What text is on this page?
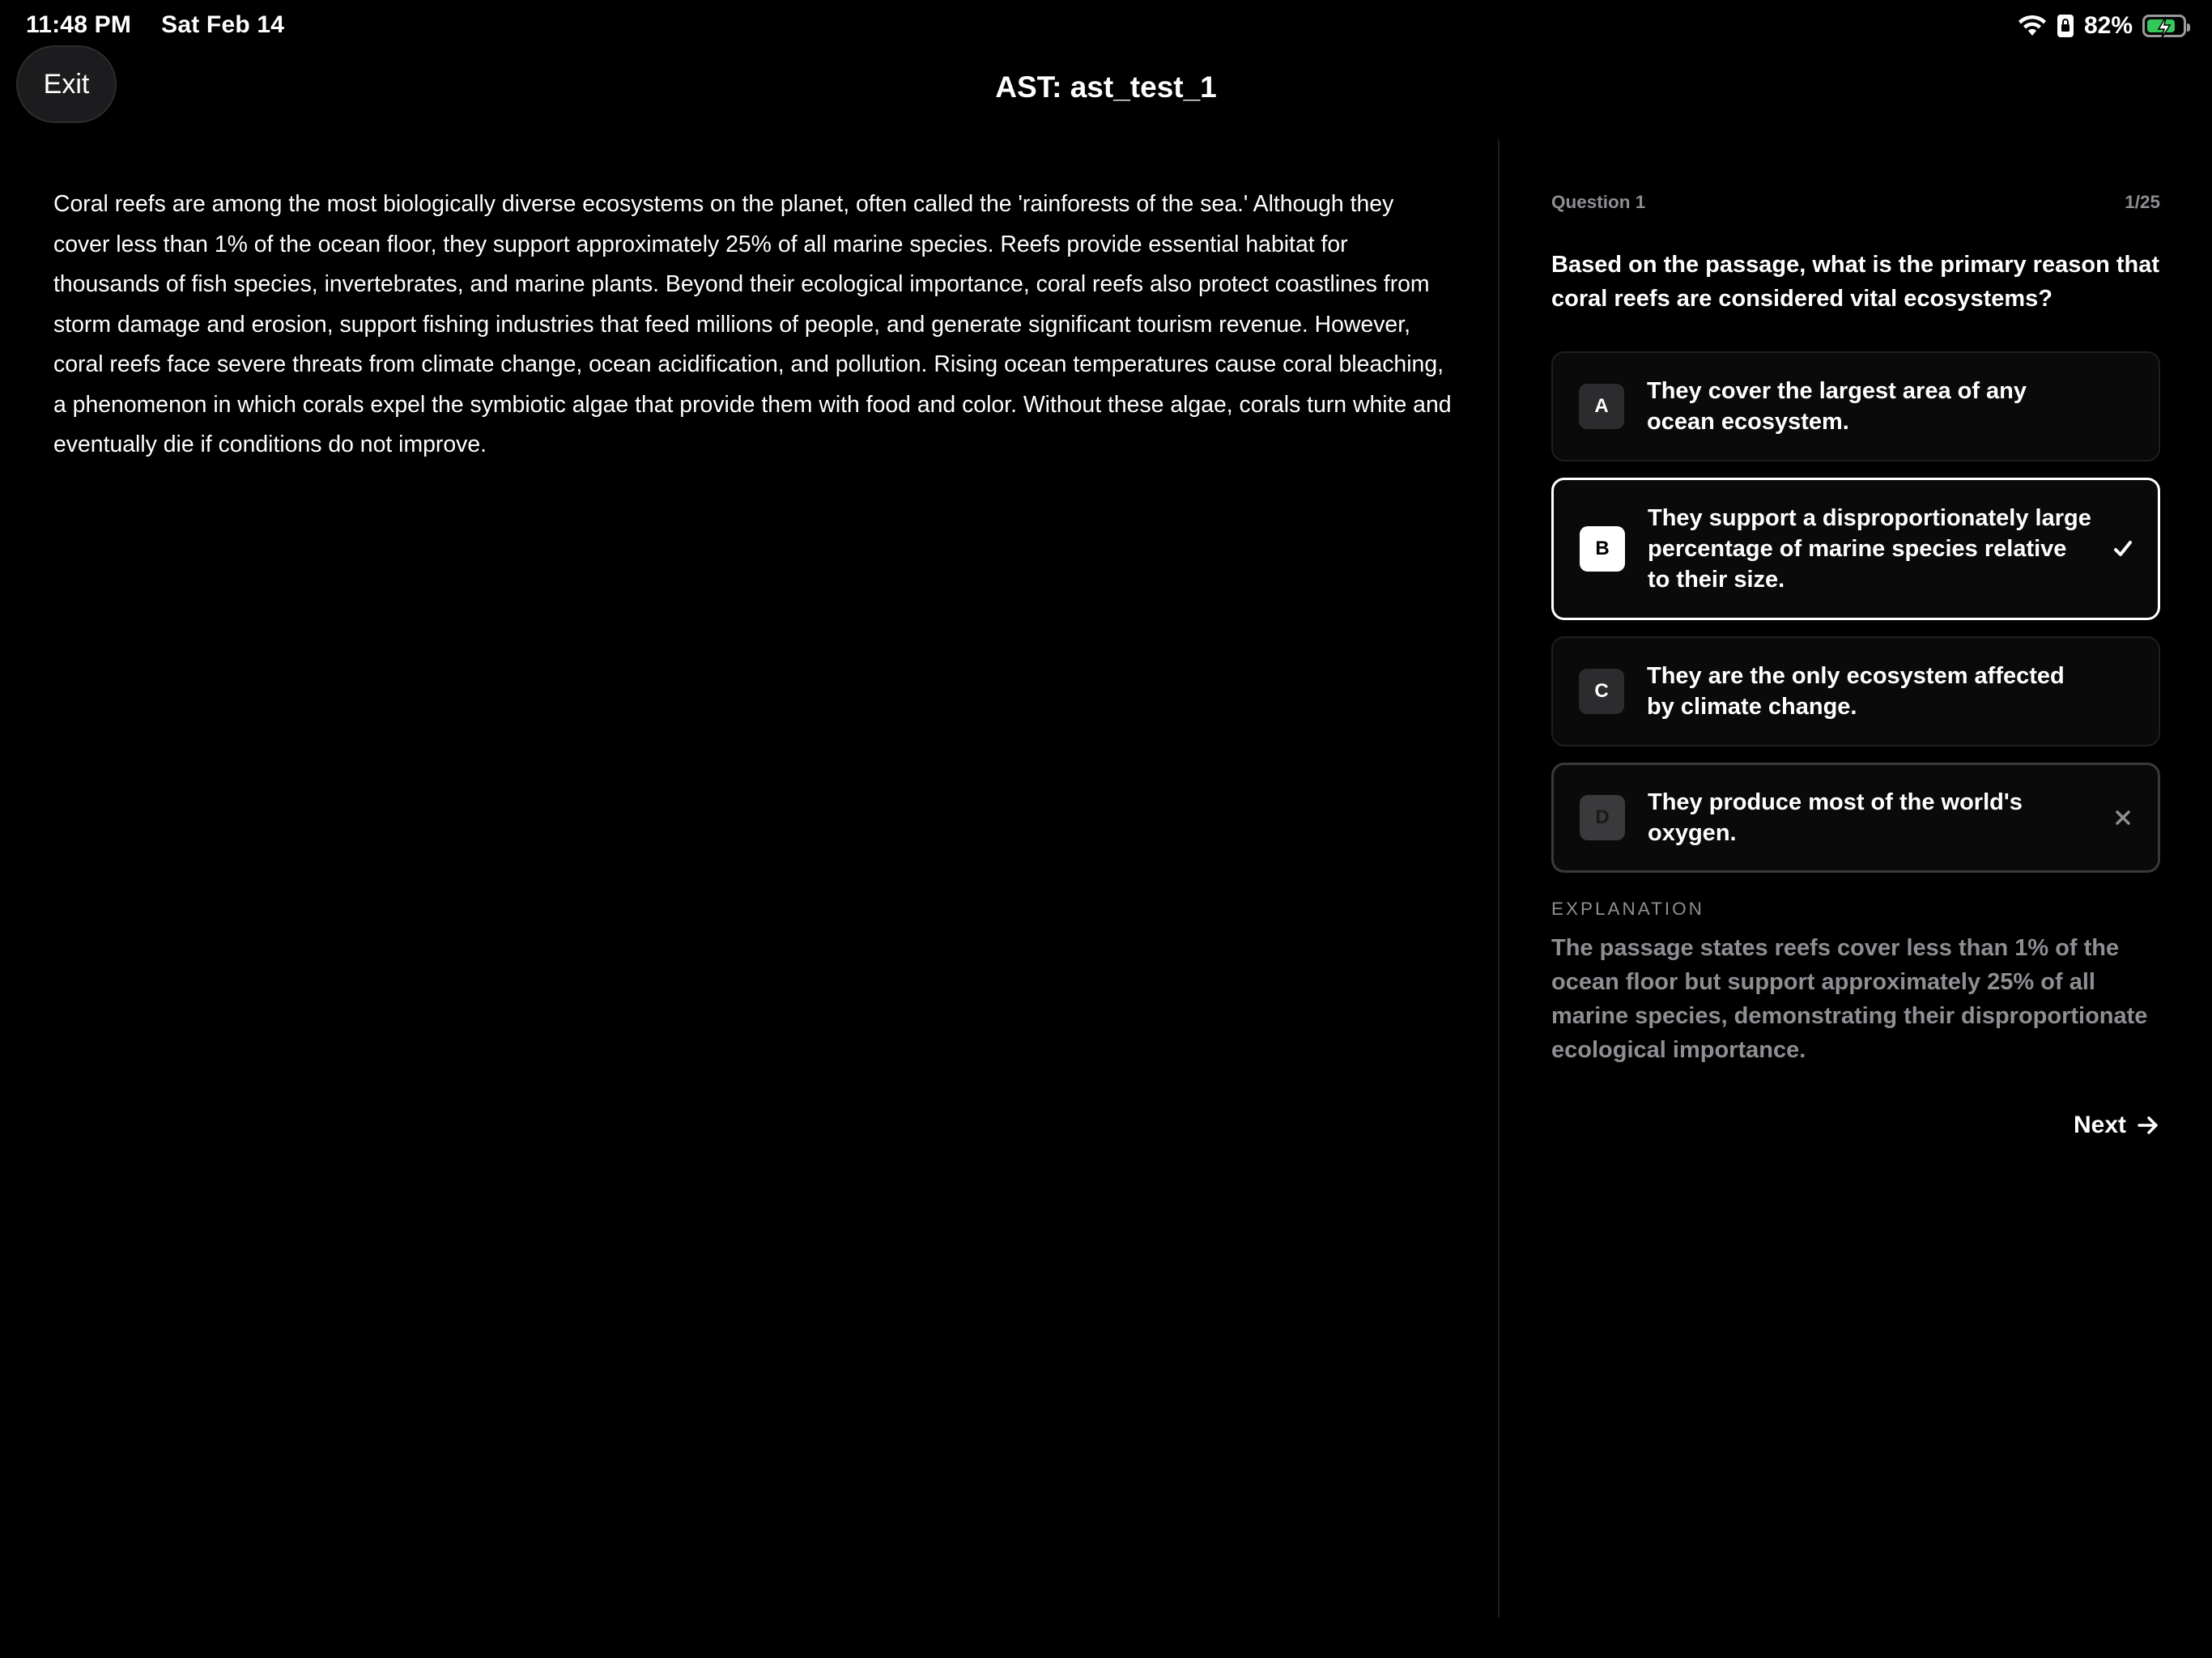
11:48 PM Sat Feb 14	82%
Exit	AST: ast_test_1
Coral reefs are among the most biologically diverse ecosystems on the planet, often called the 'rainforests of the sea.' Although they cover less than 1% of the ocean floor, they support approximately 25% of all marine species. Reefs provide essential habitat for thousands of fish species, invertebrates, and marine plants. Beyond their ecological importance, coral reefs also protect coastlines from storm damage and erosion, support fishing industries that feed millions of people, and generate significant tourism revenue. However, coral reefs face severe threats from climate change, ocean acidification, and pollution. Rising ocean temperatures cause coral bleaching, a phenomenon in which corals expel the symbiotic algae that provide them with food and color. Without these algae, corals turn white and eventually die if conditions do not improve.
Question 1	1/25
Based on the passage, what is the primary reason that coral reefs are considered vital ecosystems?
A
They cover the largest area of any ocean ecosystem.
B
They support a disproportionately large percentage of marine species relative to their size.
C
They are the only ecosystem affected by climate change.
D
They produce most of the world's oxygen.
EXPLANATION
The passage states reefs cover less than 1% of the ocean floor but support approximately 25% of all marine species, demonstrating their disproportionate ecological importance.
Next
